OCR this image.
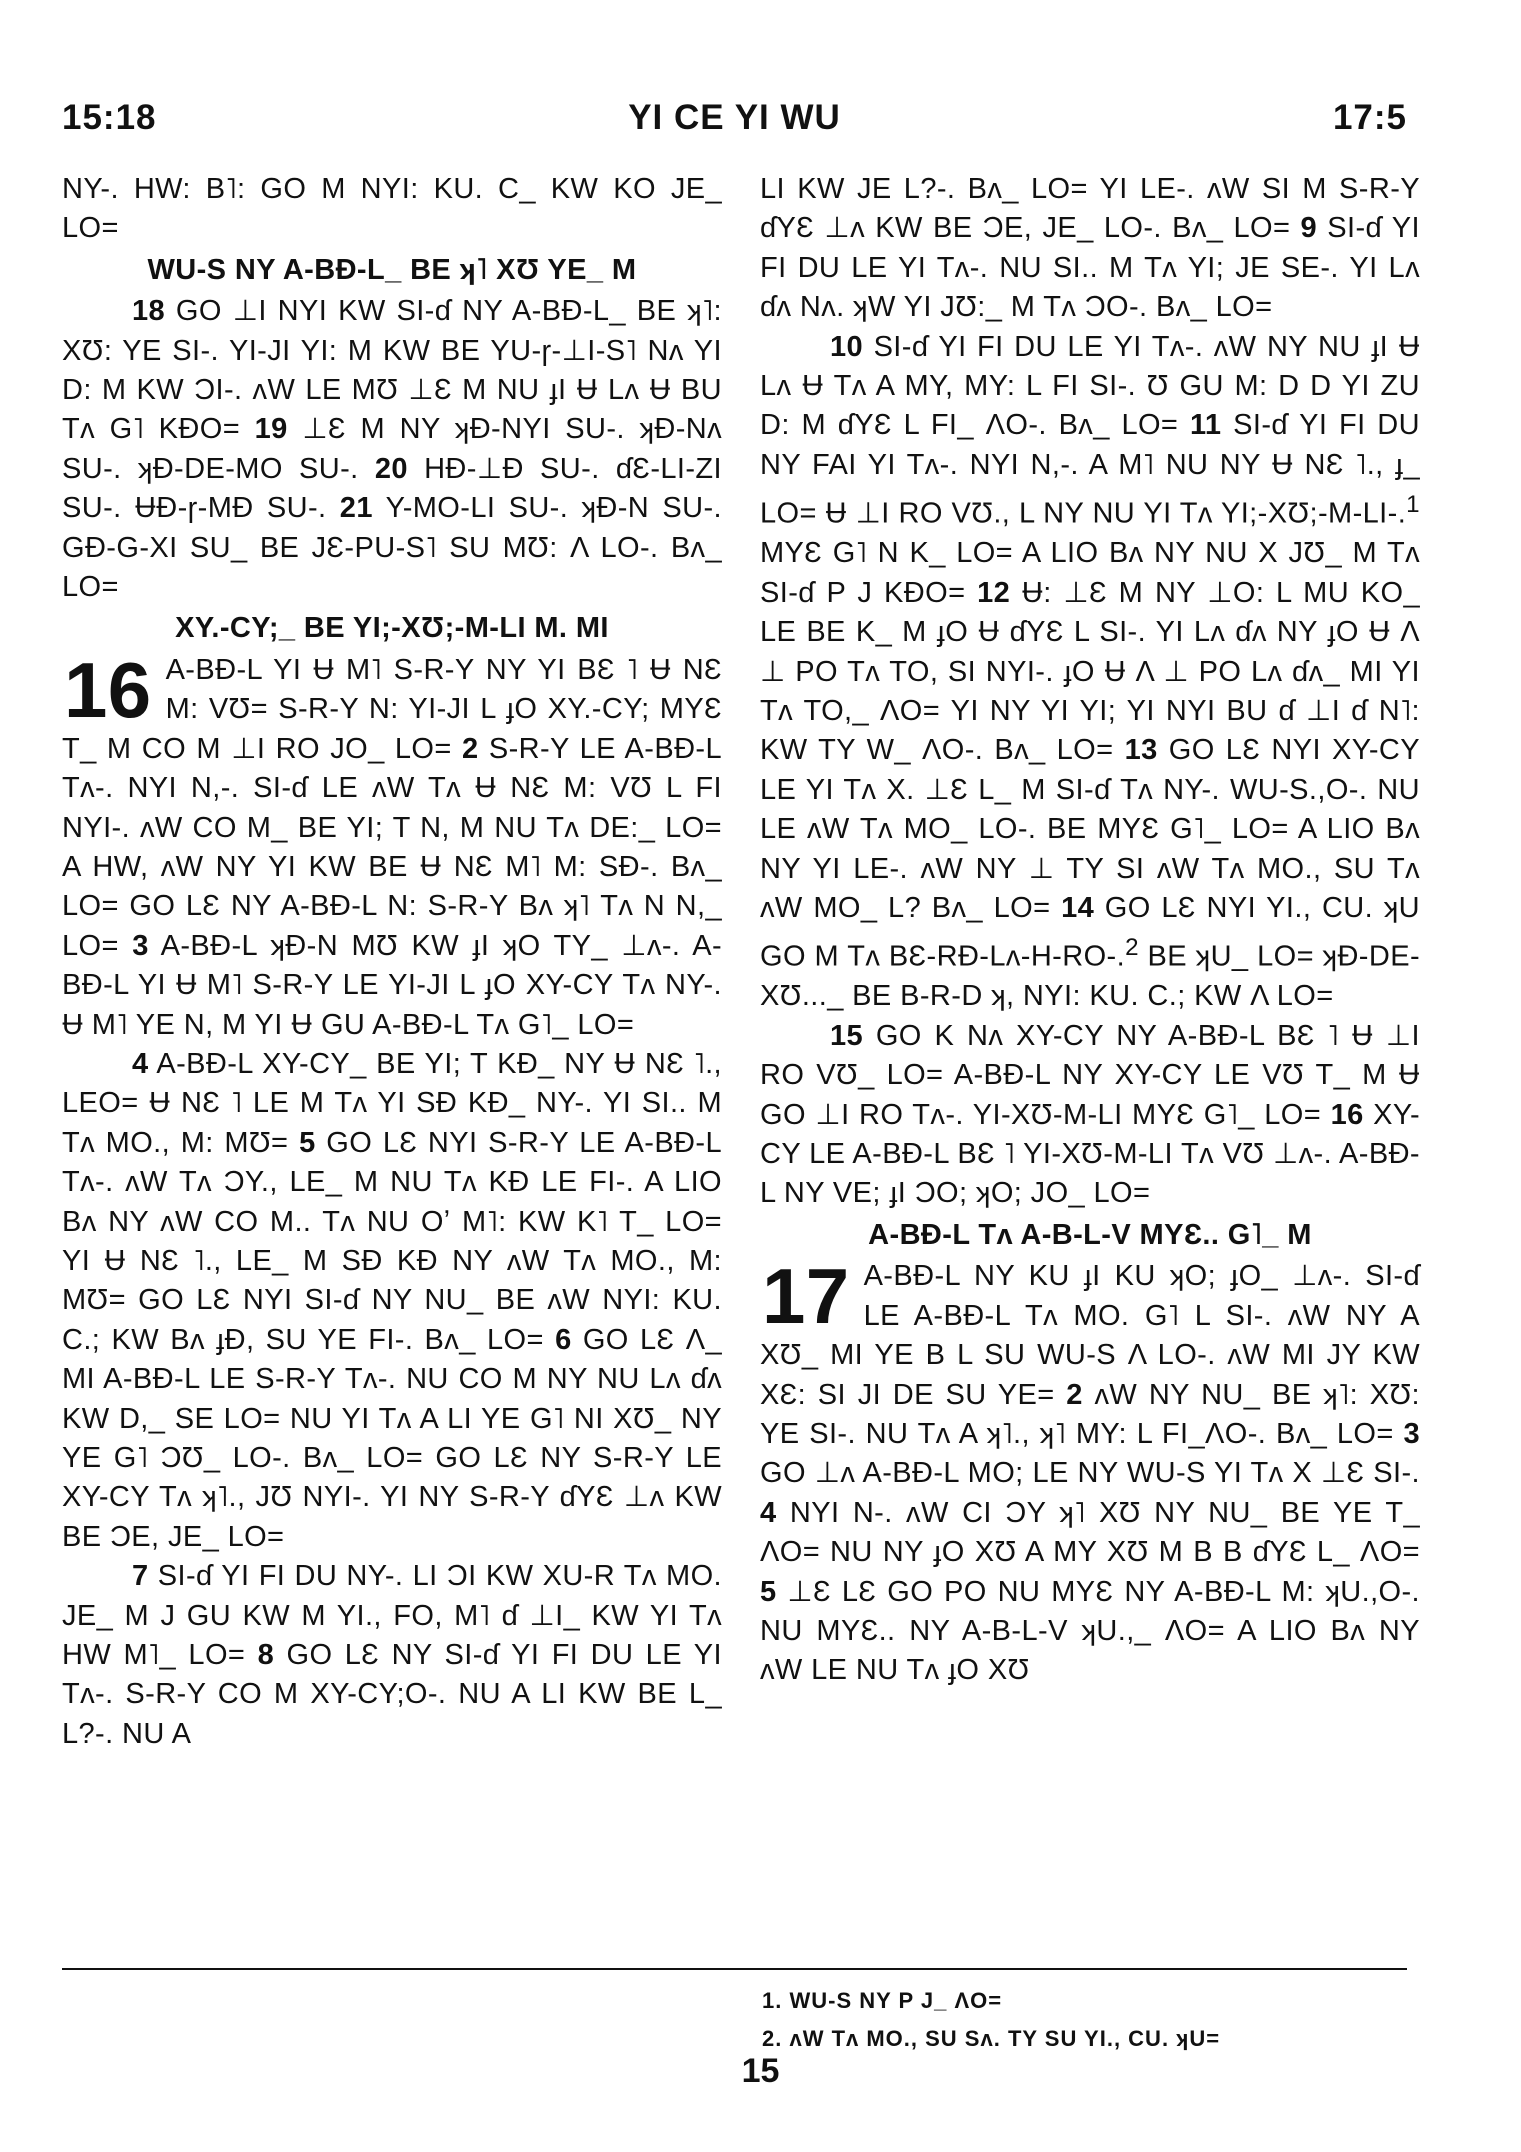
15:18	YI CE YI WU	17:5

NY-. HW: B˥: GO M NYI: KU. C_ KW KO JE_ LO=

WU-S NY A-BƉ-L_ BE ʞ˥ XƱ YE_ M

18 GO ⊥I NYI KW SI-ɗ NY A-BƉ-L_ BE ʞ˥: XƱ: YE SI-. YI-JI YI: M KW BE YU-ɼ-⊥I-S˥ Nʌ YI D: M KW ƆI-. ʌW LE MƱ ⊥Ɛ M NU ɟI Ʉ Lʌ Ʉ BU Tʌ G˥ KƉO= 19 ⊥Ɛ M NY ʞƉ-NYI SU-. ʞƉ-Nʌ SU-. ʞƉ-DE-MO SU-. 20 HƉ-⊥Ɖ SU-. ɗƐ-LI-ZI SU-. ɄƉ-ɼ-MƉ SU-. 21 Y-MO-LI SU-. ʞƉ-N SU-. GƉ-G-XI SU_ BE JƐ-PU-S˥ SU MƱ: Λ LO-. Bʌ_ LO=

XY.-CY;_ BE YI;-XƱ;-M-LI M. MI

16 A-BƉ-L YI Ʉ M˥ S-R-Y NY YI BƐ ˥ Ʉ NƐ M: VƱ= S-R-Y N: YI-JI L ɟO XY.-CY; MYƐ T_ M CO M ⊥I RO JO_ LO= 2 S-R-Y LE A-BƉ-L Tʌ-. NYI N,-. SI-ɗ LE ʌW Tʌ Ʉ NƐ M: VƱ L FI NYI-. ʌW CO M_ BE YI; T N, M NU Tʌ DE:_ LO= A HW, ʌW NY YI KW BE Ʉ NƐ M˥ M: SƉ-. Bʌ_ LO= GO LƐ NY A-BƉ-L N: S-R-Y Bʌ ʞ˥ Tʌ N N,_ LO= 3 A-BƉ-L ʞƉ-N MƱ KW ɟI ʞO TY_ ⊥ʌ-. A-BƉ-L YI Ʉ M˥ S-R-Y LE YI-JI L ɟO XY-CY Tʌ NY-. Ʉ M˥ YE N, M YI Ʉ GU A-BƉ-L Tʌ G˥_ LO=

4 A-BƉ-L XY-CY_ BE YI; T KƉ_ NY Ʉ NƐ ˥., LEO= Ʉ NƐ ˥ LE M Tʌ YI SƉ KƉ_ NY-. YI SI.. M Tʌ MO., M: MƱ= 5 GO LƐ NYI S-R-Y LE A-BƉ-L Tʌ-. ʌW Tʌ ƆY., LE_ M NU Tʌ KƉ LE FI-. A LIO Bʌ NY ʌW CO M.. Tʌ NU Oʼ M˥: KW K˥ T_ LO= YI Ʉ NƐ ˥., LE_ M SƉ KƉ NY ʌW Tʌ MO., M: MƱ= GO LƐ NYI SI-ɗ NY NU_ BE ʌW NYI: KU. C.; KW Bʌ ɟƉ, SU YE FI-. Bʌ_ LO= 6 GO LƐ Λ_ MI A-BƉ-L LE S-R-Y Tʌ-. NU CO M NY NU Lʌ ɗʌ KW D,_ SE LO= NU YI Tʌ A LI YE G˥ NI XƱ_ NY YE G˥ ƆƱ_ LO-. Bʌ_ LO= GO LƐ NY S-R-Y LE XY-CY Tʌ ʞ˥., JƱ NYI-. YI NY S-R-Y ɗYƐ ⊥ʌ KW BE ƆE, JE_ LO=

7 SI-ɗ YI FI DU NY-. LI ƆI KW XU-R Tʌ MO. JE_ M J GU KW M YI., FO, M˥ ɗ ⊥I_ KW YI Tʌ HW M˥_ LO= 8 GO LƐ NY SI-ɗ YI FI DU LE YI Tʌ-. S-R-Y CO M XY-CY;O-. NU A LI KW BE L_ L?-. NU A

LI KW JE L?-. Bʌ_ LO= YI LE-. ʌW SI M S-R-Y ɗYƐ ⊥ʌ KW BE ƆE, JE_ LO-. Bʌ_ LO= 9 SI-ɗ YI FI DU LE YI Tʌ-. NU SI.. M Tʌ YI; JE SE-. YI Lʌ ɗʌ Nʌ. ʞW YI JƱ:_ M Tʌ ƆO-. Bʌ_ LO=

10 SI-ɗ YI FI DU LE YI Tʌ-. ʌW NY NU ɟI Ʉ Lʌ Ʉ Tʌ A MY, MY: L FI SI-. Ʊ GU M: D D YI ZU D: M ɗYƐ L FI_ ΛO-. Bʌ_ LO= 11 SI-ɗ YI FI DU NY FAI YI Tʌ-. NYI N,-. A M˥ NU NY Ʉ NƐ ˥., ɟ_ LO= Ʉ ⊥I RO VƱ., L NY NU YI Tʌ YI;-XƱ;-M-LI-.$^1$ MYƐ G˥ N K_ LO= A LIO Bʌ NY NU X JƱ_ M Tʌ SI-ɗ P J KƉO= 12 Ʉ: ⊥Ɛ M NY ⊥O: L MU KO_ LE BE K_ M ɟO Ʉ ɗYƐ L SI-. YI Lʌ ɗʌ NY ɟO Ʉ Λ ⊥ PO Tʌ TO, SI NYI-. ɟO Ʉ Λ ⊥ PO Lʌ ɗʌ_ MI YI Tʌ TO,_ ΛO= YI NY YI YI; YI NYI BU ɗ ⊥I ɗ N˥: KW TY W_ ΛO-. Bʌ_ LO= 13 GO LƐ NYI XY-CY LE YI Tʌ X. ⊥Ɛ L_ M SI-ɗ Tʌ NY-. WU-S.,O-. NU LE ʌW Tʌ MO_ LO-. BE MYƐ G˥_ LO= A LIO Bʌ NY YI LE-. ʌW NY ⊥ TY SI ʌW Tʌ MO., SU Tʌ ʌW MO_ L? Bʌ_ LO= 14 GO LƐ NYI YI., CU. ʞU GO M Tʌ BƐ-RƉ-Lʌ-H-RO-.$^2$ BE ʞU_ LO= ʞƉ-DE-XƱ..._ BE B-R-D ʞ, NYI: KU. C.; KW Λ LO=

15 GO K Nʌ XY-CY NY A-BƉ-L BƐ ˥ Ʉ ⊥I RO VƱ_ LO= A-BƉ-L NY XY-CY LE VƱ T_ M Ʉ GO ⊥I RO Tʌ-. YI-XƱ-M-LI MYƐ G˥_ LO= 16 XY-CY LE A-BƉ-L BƐ ˥ YI-XƱ-M-LI Tʌ VƱ ⊥ʌ-. A-BƉ-L NY VE; ɟI ƆO; ʞO; JO_ LO=

A-BƉ-L Tʌ A-B-L-V MYƐ.. G˥_ M

17 A-BƉ-L NY KU ɟI KU ʞO; ɟO_ ⊥ʌ-. SI-ɗ LE A-BƉ-L Tʌ MO. G˥ L SI-. ʌW NY A XƱ_ MI YE B L SU WU-S Λ LO-. ʌW MI JY KW XƐ: SI JI DE SU YE= 2 ʌW NY NU_ BE ʞ˥: XƱ: YE SI-. NU Tʌ A ʞ˥., ʞ˥ MY: L FI_ΛO-. Bʌ_ LO= 3 GO ⊥ʌ A-BƉ-L MO; LE NY WU-S YI Tʌ X ⊥Ɛ SI-. 4 NYI N-. ʌW CI ƆY ʞ˥ XƱ NY NU_ BE YE T_ ΛO= NU NY ɟO XƱ A MY XƱ M B B ɗYƐ L_ ΛO= 5 ⊥Ɛ LƐ GO PO NU MYƐ NY A-BƉ-L M: ʞU.,O-. NU MYƐ.. NY A-B-L-V ʞU.,_ ΛO= A LIO Bʌ NY ʌW LE NU Tʌ ɟO XƱ

1. WU-S NY P J_ ΛO=
2. ʌW Tʌ MO., SU Sʌ. TY SU YI., CU. ʞU=
15
